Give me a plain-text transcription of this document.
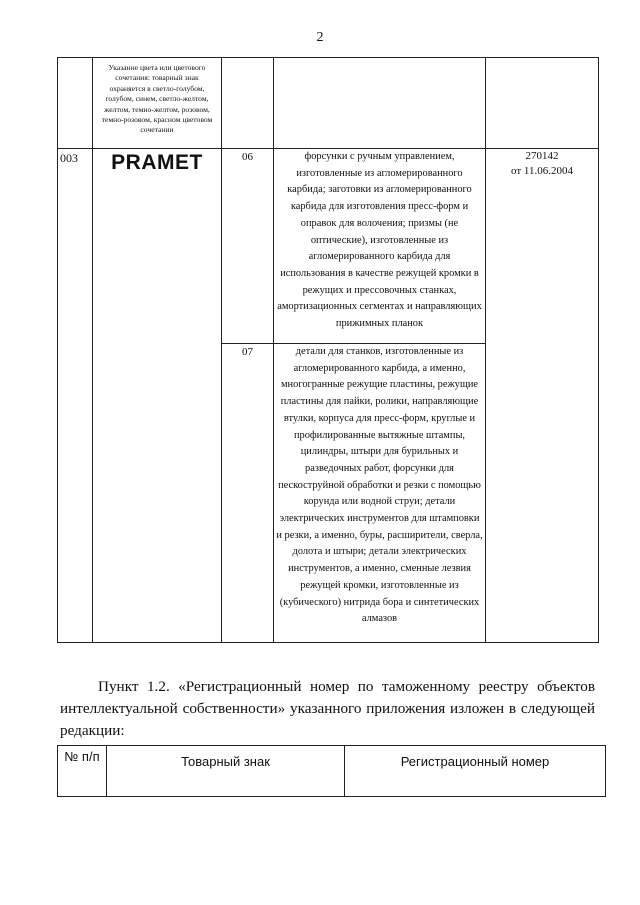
2

	Указание цвета или цветового сочетания: товарный знак охраняется в светло-голубом, голубом, синем, светло-желтом, желтом, темно-желтом, розовом, темно-розовом, красном цветовом сочетании			

003	PRAMET	06	форсунки с ручным управлением, изготовленные из агломерированного карбида; заготовки из агломерированного карбида для изготовления пресс-форм и оправок для волочения; призмы (не оптические), изготовленные из агломерированного карбида для использования в качестве режущей кромки в режущих и прессовочных станках, амортизационных сегментах и направляющих прижимных планок	270142
от 11.06.2004

		07	детали для станков, изготовленные из агломерированного карбида, а именно, многогранные режущие пластины, режущие пластины для пайки, ролики, направляющие втулки, корпуса для пресс-форм, круглые и профилированные вытяжные штампы, цилиндры, штыри для бурильных и разведочных работ, форсунки для пескоструйной обработки и резки с помощью корунда или водной струи; детали электрических инструментов для штамповки и резки, а именно, буры, расширители, сверла, долота и штыри; детали электрических инструментов, а именно, сменные лезвия режущей кромки, изготовленные из (кубического) нитрида бора и синтетических алмазов	
Пункт 1.2. «Регистрационный номер по таможенному реестру объектов интеллектуальной собственности» указанного приложения изложен в следующей редакции:
№ п/п	Товарный знак	Регистрационный номер
